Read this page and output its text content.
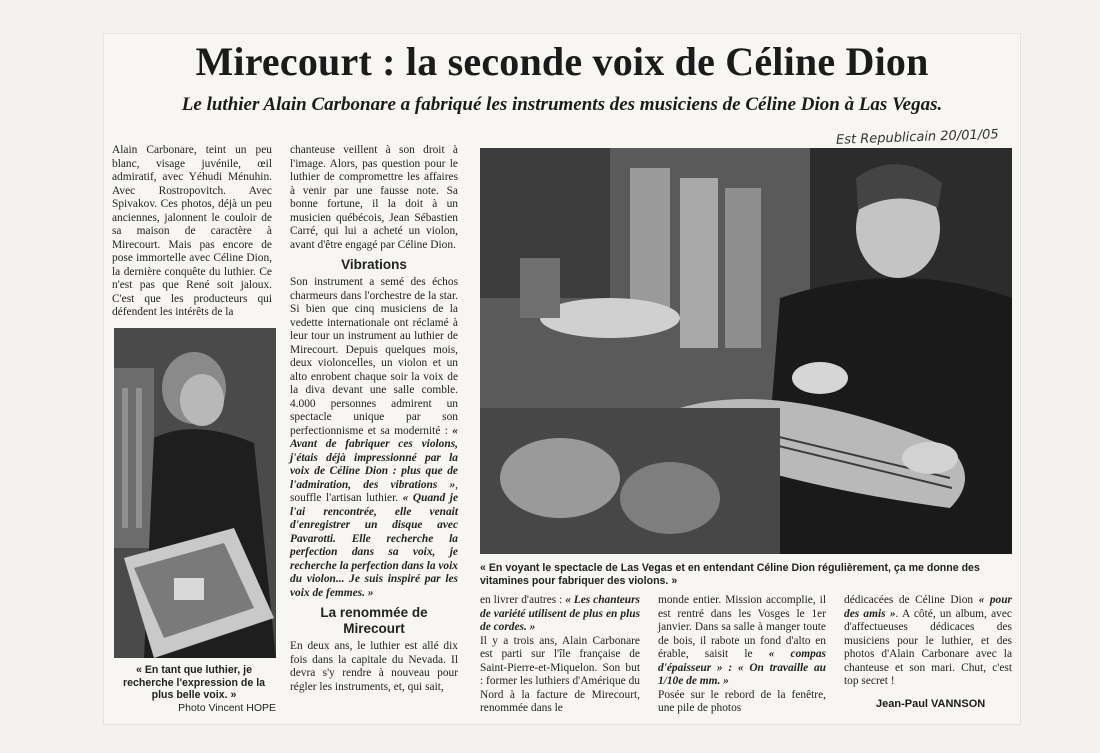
Mirecourt : la seconde voix de Céline Dion
Le luthier Alain Carbonare a fabriqué les instruments des musiciens de Céline Dion à Las Vegas.
Est Republicain 20/01/05

Alain Carbonare, teint un peu blanc, visage juvénile, œil admiratif, avec Yéhudi Ménuhin. Avec Rostropovitch. Avec Spivakov. Ces photos, déjà un peu anciennes, jalonnent le couloir de sa maison de caractère à Mirecourt. Mais pas encore de pose immortelle avec Céline Dion, la dernière conquête du luthier. Ce n'est pas que René soit jaloux. C'est que les producteurs qui défendent les intérêts de la

« En tant que luthier, je recherche l'expression de la plus belle voix. »
Photo Vincent HOPE

chanteuse veillent à son droit à l'image. Alors, pas question pour le luthier de compromettre les affaires à venir par une fausse note. Sa bonne fortune, il la doit à un musicien québécois, Jean Sébastien Carré, qui lui a acheté un violon, avant d'être engagé par Céline Dion.

Vibrations

Son instrument a semé des échos charmeurs dans l'orchestre de la star. Si bien que cinq musiciens de la vedette internationale ont réclamé à leur tour un instrument au luthier de Mirecourt. Depuis quelques mois, deux violoncelles, un violon et un alto enrobent chaque soir la voix de la diva devant une salle comble. 4.000 personnes admirent un spectacle unique par son perfectionnisme et sa modernité : « Avant de fabriquer ces violons, j'étais déjà impressionné par la voix de Céline Dion : plus que de l'admiration, des vibrations », souffle l'artisan luthier. « Quand je l'ai rencontrée, elle venait d'enregistrer un disque avec Pavarotti. Elle recherche la perfection dans sa voix, je recherche la perfection dans la voix du violon... Je suis inspiré par les voix de femmes. »

La renommée de Mirecourt

En deux ans, le luthier est allé dix fois dans la capitale du Nevada. Il devra s'y rendre à nouveau pour régler les instruments, et, qui sait,

« En voyant le spectacle de Las Vegas et en entendant Céline Dion régulièrement, ça me donne des vitamines pour fabriquer des violons. »

en livrer d'autres : « Les chanteurs de variété utilisent de plus en plus de cordes. »

Il y a trois ans, Alain Carbonare est parti sur l'île française de Saint-Pierre-et-Miquelon. Son but : former les luthiers d'Amérique du Nord à la facture de Mirecourt, renommée dans le

monde entier. Mission accomplie, il est rentré dans les Vosges le 1er janvier. Dans sa salle à manger toute de bois, il rabote un fond d'alto en érable, saisit le « compas d'épaisseur » : « On travaille au 1/10e de mm. »

Posée sur le rebord de la fenêtre, une pile de photos

dédicacées de Céline Dion « pour des amis ». A côté, un album, avec d'affectueuses dédicaces des musiciens pour le luthier, et des photos d'Alain Carbonare avec la chanteuse et son mari. Chut, c'est top secret !

Jean-Paul VANNSON
